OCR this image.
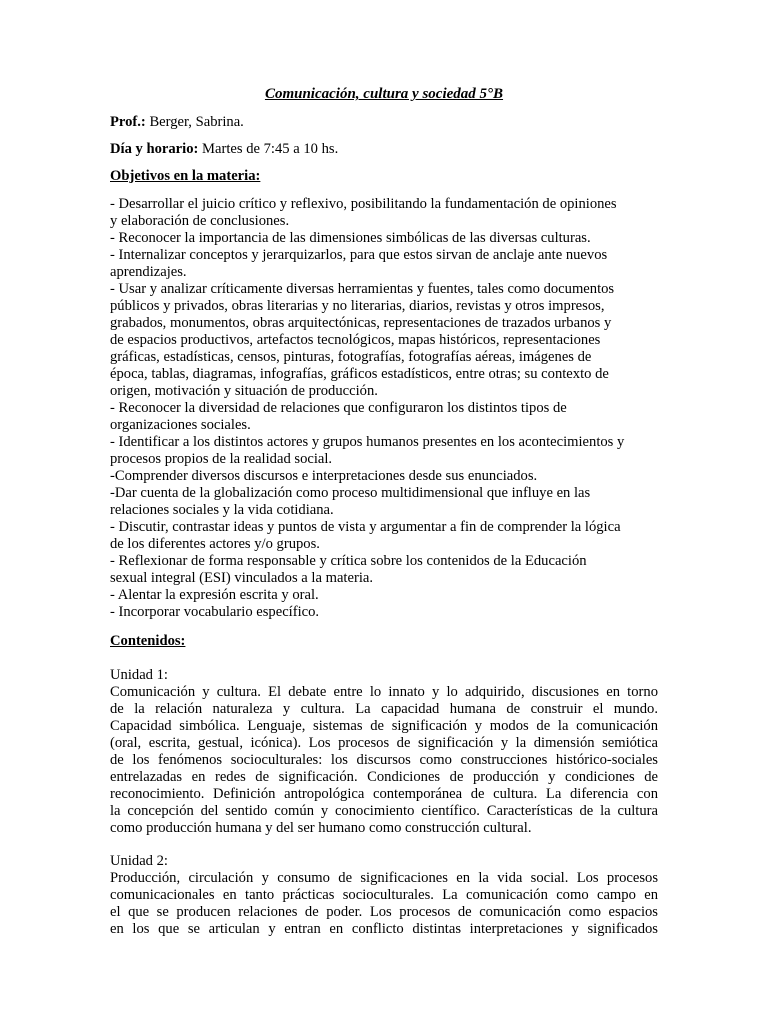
Comunicación, cultura y sociedad 5°B
Prof.: Berger, Sabrina.
Día y horario: Martes de 7:45 a 10 hs.
Objetivos en la materia:
- Desarrollar el juicio crítico y reflexivo, posibilitando la fundamentación de opiniones
y elaboración de conclusiones.
- Reconocer la importancia de las dimensiones simbólicas de las diversas culturas.
- Internalizar conceptos y jerarquizarlos, para que estos sirvan de anclaje ante nuevos
aprendizajes.
- Usar y analizar críticamente diversas herramientas y fuentes, tales como documentos
públicos y privados, obras literarias y no literarias, diarios, revistas y otros impresos,
grabados, monumentos, obras arquitectónicas, representaciones de trazados urbanos y
de espacios productivos, artefactos tecnológicos, mapas históricos, representaciones
gráficas, estadísticas, censos, pinturas, fotografías, fotografías aéreas, imágenes de
época, tablas, diagramas, infografías, gráficos estadísticos, entre otras; su contexto de
origen, motivación y situación de producción.
- Reconocer la diversidad de relaciones que configuraron los distintos tipos de
organizaciones sociales.
- Identificar a los distintos actores y grupos humanos presentes en los acontecimientos y
procesos propios de la realidad social.
-Comprender diversos discursos e interpretaciones desde sus enunciados.
-Dar cuenta de la globalización como proceso multidimensional que influye en las
relaciones sociales y la vida cotidiana.
- Discutir, contrastar ideas y puntos de vista y argumentar a fin de comprender la lógica
de los diferentes actores y/o grupos.
- Reflexionar de forma responsable y crítica sobre los contenidos de la Educación
sexual integral (ESI) vinculados a la materia.
- Alentar la expresión escrita y oral.
- Incorporar vocabulario específico.
Contenidos:
Unidad 1:
Comunicación y cultura. El debate entre lo innato y lo adquirido, discusiones en torno
de la relación naturaleza y cultura. La capacidad humana de construir el mundo.
Capacidad simbólica. Lenguaje, sistemas de significación y modos de la comunicación
(oral, escrita, gestual, icónica). Los procesos de significación y la dimensión semiótica
de los fenómenos socioculturales: los discursos como construcciones histórico-sociales
entrelazadas en redes de significación. Condiciones de producción y condiciones de
reconocimiento. Definición antropológica contemporánea de cultura. La diferencia con
la concepción del sentido común y conocimiento científico. Características de la cultura
como producción humana y del ser humano como construcción cultural.
Unidad 2:
Producción, circulación y consumo de significaciones en la vida social. Los procesos
comunicacionales en tanto prácticas socioculturales. La comunicación como campo en
el que se producen relaciones de poder. Los procesos de comunicación como espacios
en los que se articulan y entran en conflicto distintas interpretaciones y significados
